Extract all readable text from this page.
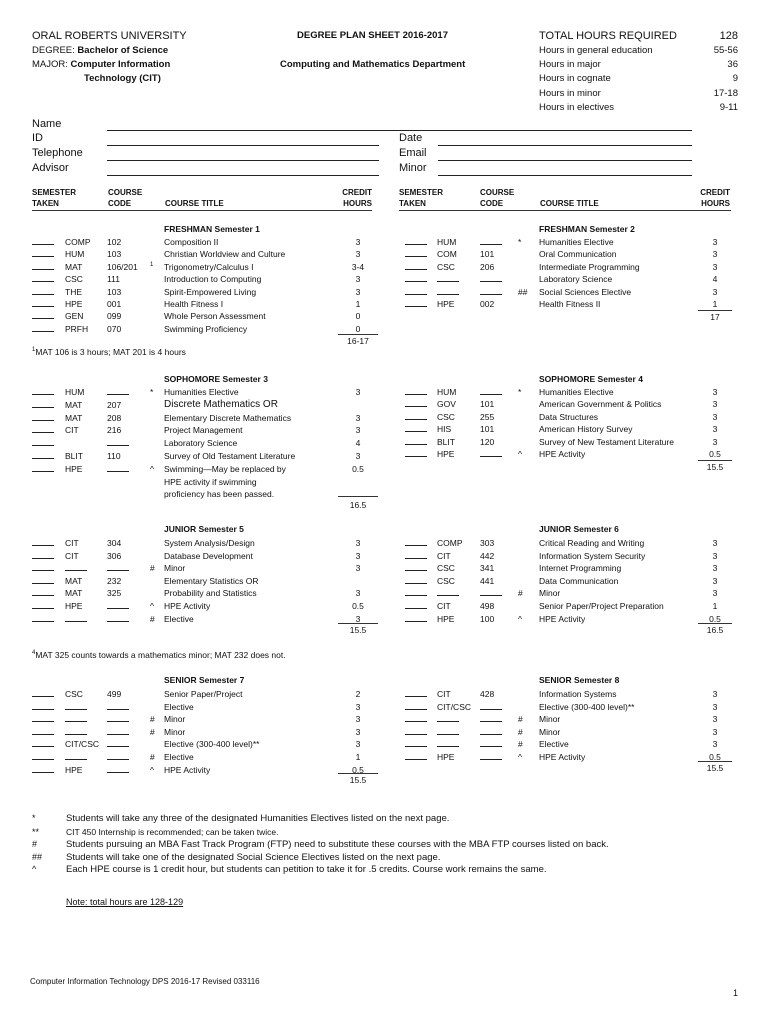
ORAL ROBERTS UNIVERSITY
DEGREE: Bachelor of Science
MAJOR: Computer Information
Technology (CIT)
DEGREE PLAN SHEET 2016-2017
Computing and Mathematics Department
TOTAL HOURS REQUIRED	128
Hours in general education	55-56
Hours in major	36
Hours in cognate	9
Hours in minor	17-18
Hours in electives	9-11
Name
ID
Telephone
Advisor
Date
Email
Minor
SEMESTER
TAKEN
COURSE
CODE	COURSE TITLE
CREDIT
HOURS
SEMESTER
TAKEN
COURSE
CODE	COURSE TITLE
CREDIT
HOURS
FRESHMAN Semester 1
COMP 102	Composition II	3
HUM	103	Christian Worldview and Culture	3
MAT	106/201 1 Trigonometry/Calculus I	3-4
CSC	111	Introduction to Computing	3
THE	103	Spirit-Empowered Living	3
HPE	001	Health Fitness I	1
GEN	099	Whole Person Assessment	0
PRFH 070	Swimming Proficiency	0
16-17
FRESHMAN Semester 2
HUM	* Humanities Elective	3
COM	101	Oral Communication	3
CSC	206	Intermediate Programming	3
Laboratory Science	4
## Social Sciences Elective	3
HPE	002	Health Fitness II	1
17
SOPHOMORE Semester 3
HUM	* Humanities Elective	3
MAT	207	Discrete Mathematics OR
MAT	208	Elementary Discrete Mathematics	3
CIT	216	Project Management	3
Laboratory Science	4
BLIT	110	Survey of Old Testament Literature	3
HPE	^ Swimming—May be replaced by	0.5
HPE activity if swimming
proficiency has been passed.
16.5
SOPHOMORE Semester 4
HUM	* Humanities Elective	3
GOV	101	American Government & Politics	3
CSC	255	Data Structures	3
HIS	101	American History Survey	3
BLIT	120	Survey of New Testament Literature	3
HPE	^ HPE Activity	0.5
15.5
JUNIOR Semester 5
CIT	304	System Analysis/Design	3
CIT	306	Database Development	3
# Minor	3
MAT	232	Elementary Statistics OR
MAT	325	Probability and Statistics	3
HPE	^ HPE Activity	0.5
# Elective	3
15.5
JUNIOR Semester 6
COMP 303	Critical Reading and Writing	3
CIT	442	Information System Security	3
CSC	341	Internet Programming	3
CSC	441	Data Communication	3
# Minor	3
CIT	498	Senior Paper/Project Preparation	1
HPE	100	^ HPE Activity	0.5
16.5
SENIOR Semester 7
CSC	499	Senior Paper/Project	2
Elective	3
# Minor	3
# Minor	3
CIT/CSC	Elective (300-400 level)**	3
# Elective	1
HPE	^ HPE Activity	0.5
15.5
SENIOR Semester 8
CIT	428	Information Systems	3
CIT/CSC	Elective (300-400 level)**	3
# Minor	3
# Minor	3
# Elective	3
HPE	^ HPE Activity	0.5
15.5
$^1$MAT 106 is 3 hours; MAT 201 is 4 hours
$^4$MAT 325 counts towards a mathematics minor; MAT 232 does not.
*	Students will take any three of the designated Humanities Electives listed on the next page.
**	CIT 450 Internship is recommended; can be taken twice.
#	Students pursuing an MBA Fast Track Program (FTP) need to substitute these courses with the MBA FTP courses listed on back.
##	Students will take one of the designated Social Science Electives listed on the next page.
^	Each HPE course is 1 credit hour, but students can petition to take it for .5 credits. Course work remains the same.
Note: total hours are 128-129
Computer Information Technology DPS 2016-17 Revised 033116
1
